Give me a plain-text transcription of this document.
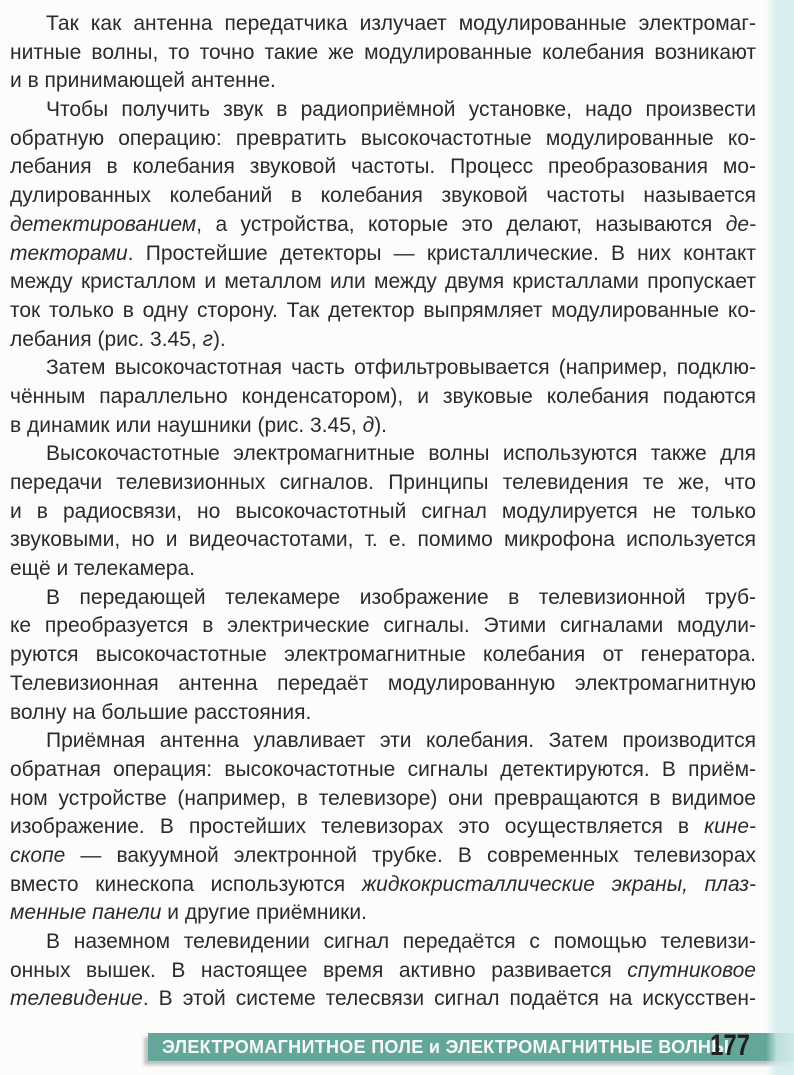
Так как антенна передатчика излучает модулированные электромаг-
нитные волны, то точно такие же модулированные колебания возникают
и в принимающей антенне.
Чтобы получить звук в радиоприёмной установке, надо произвести
обратную операцию: превратить высокочастотные модулированные ко-
лебания в колебания звуковой частоты. Процесс преобразования мо-
дулированных колебаний в колебания звуковой частоты называется
детектированием, а устройства, которые это делают, называются де-
текторами. Простейшие детекторы — кристаллические. В них контакт
между кристаллом и металлом или между двумя кристаллами пропускает
ток только в одну сторону. Так детектор выпрямляет модулированные ко-
лебания (рис. 3.45, г).
Затем высокочастотная часть отфильтровывается (например, подклю-
чённым параллельно конденсатором), и звуковые колебания подаются
в динамик или наушники (рис. 3.45, д).
Высокочастотные электромагнитные волны используются также для
передачи телевизионных сигналов. Принципы телевидения те же, что
и в радиосвязи, но высокочастотный сигнал модулируется не только
звуковыми, но и видеочастотами, т. е. помимо микрофона используется
ещё и телекамера.
В передающей телекамере изображение в телевизионной труб-
ке преобразуется в электрические сигналы. Этими сигналами модули-
руются высокочастотные электромагнитные колебания от генератора.
Телевизионная антенна передаёт модулированную электромагнитную
волну на большие расстояния.
Приёмная антенна улавливает эти колебания. Затем производится
обратная операция: высокочастотные сигналы детектируются. В приём-
ном устройстве (например, в телевизоре) они превращаются в видимое
изображение. В простейших телевизорах это осуществляется в кине-
скопе — вакуумной электронной трубке. В современных телевизорах
вместо кинескопа используются жидкокристаллические экраны, плаз-
менные панели и другие приёмники.
В наземном телевидении сигнал передаётся с помощью телевизи-
онных вышек. В настоящее время активно развивается спутниковое
телевидение. В этой системе телесвязи сигнал подаётся на искусствен-
ЭЛЕКТРОМАГНИТНОЕ ПОЛЕ и ЭЛЕКТРОМАГНИТНЫЕ ВОЛНЫ
177
